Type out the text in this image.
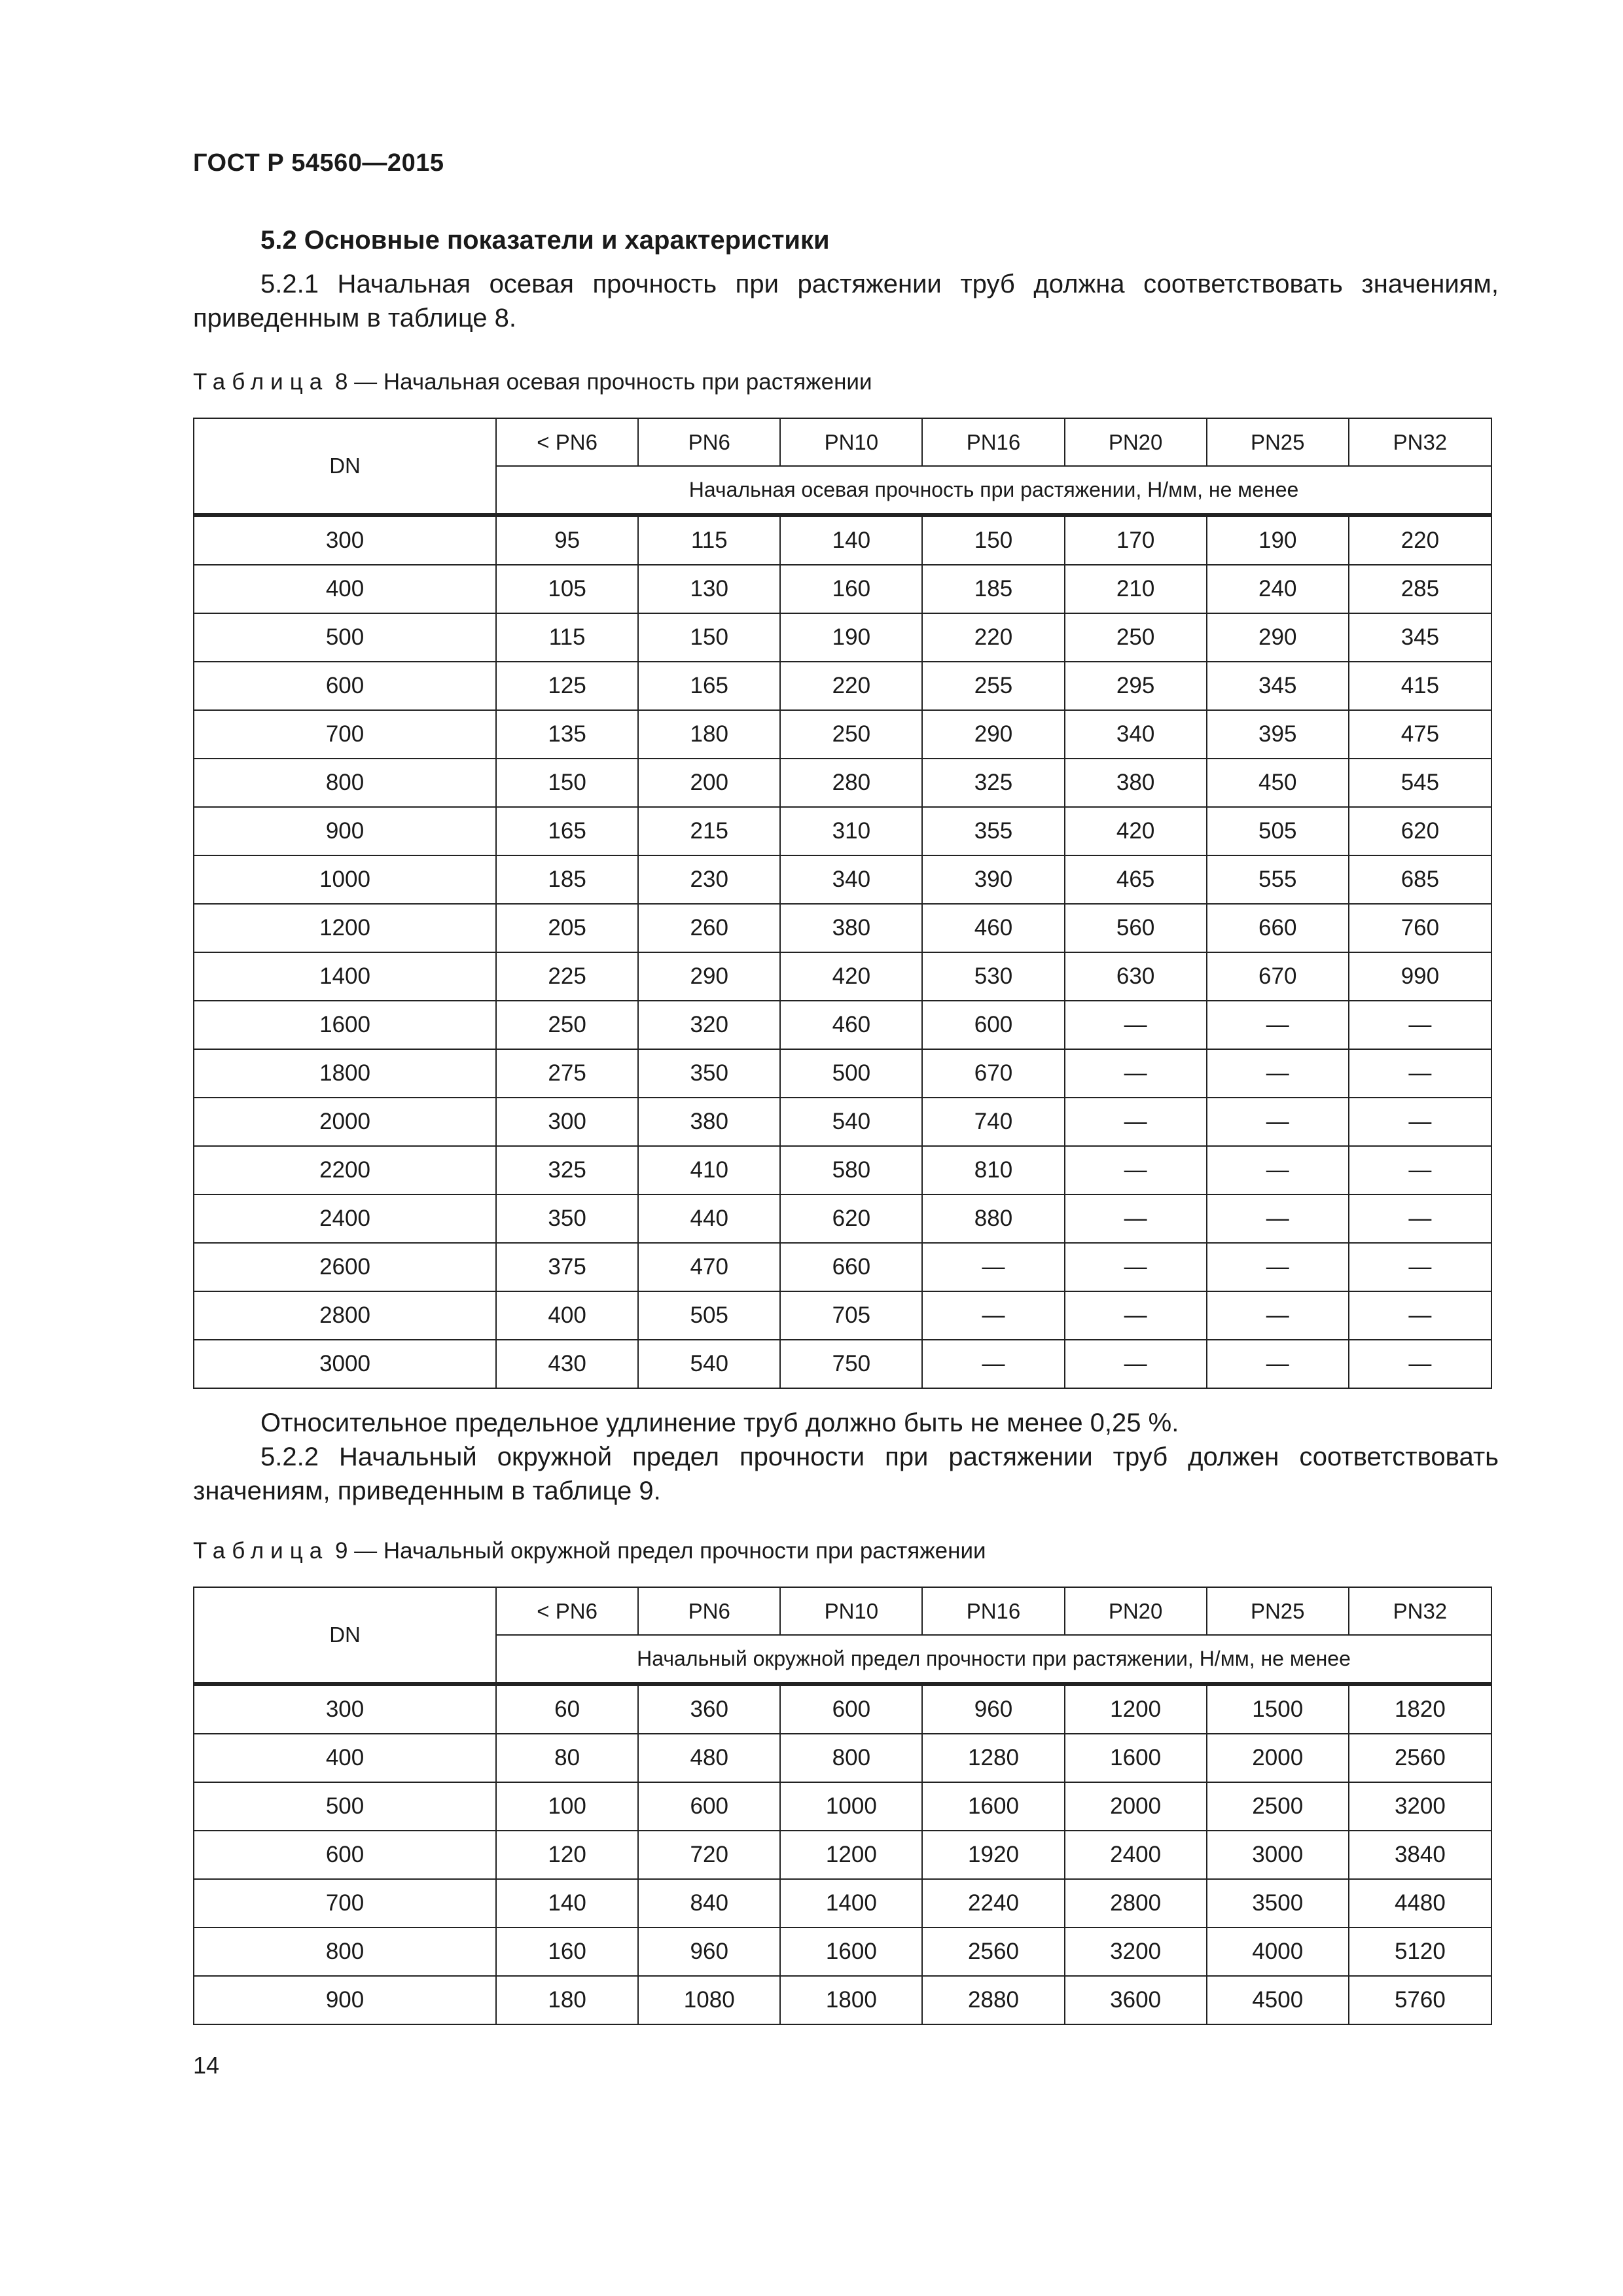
ГОСТ Р 54560—2015
5.2 Основные показатели и характеристики
5.2.1 Начальная осевая прочность при растяжении труб должна соответствовать значениям, приведенным в таблице 8.
Таблица 8 — Начальная осевая прочность при растяжении
DN	< PN6	PN6	PN10	PN16	PN20	PN25	PN32
	Начальная осевая прочность при растяжении, Н/мм, не менее						
300	95	115	140	150	170	190	220
400	105	130	160	185	210	240	285
500	115	150	190	220	250	290	345
600	125	165	220	255	295	345	415
700	135	180	250	290	340	395	475
800	150	200	280	325	380	450	545
900	165	215	310	355	420	505	620
1000	185	230	340	390	465	555	685
1200	205	260	380	460	560	660	760
1400	225	290	420	530	630	670	990
1600	250	320	460	600	—	—	—
1800	275	350	500	670	—	—	—
2000	300	380	540	740	—	—	—
2200	325	410	580	810	—	—	—
2400	350	440	620	880	—	—	—
2600	375	470	660	—	—	—	—
2800	400	505	705	—	—	—	—
3000	430	540	750	—	—	—	—
Относительное предельное удлинение труб должно быть не менее 0,25 %.
5.2.2 Начальный окружной предел прочности при растяжении труб должен соответствовать значениям, приведенным в таблице 9.
Таблица 9 — Начальный окружной предел прочности при растяжении
DN	< PN6	PN6	PN10	PN16	PN20	PN25	PN32
	Начальный окружной предел прочности при растяжении, Н/мм, не менее						
300	60	360	600	960	1200	1500	1820
400	80	480	800	1280	1600	2000	2560
500	100	600	1000	1600	2000	2500	3200
600	120	720	1200	1920	2400	3000	3840
700	140	840	1400	2240	2800	3500	4480
800	160	960	1600	2560	3200	4000	5120
900	180	1080	1800	2880	3600	4500	5760
14
